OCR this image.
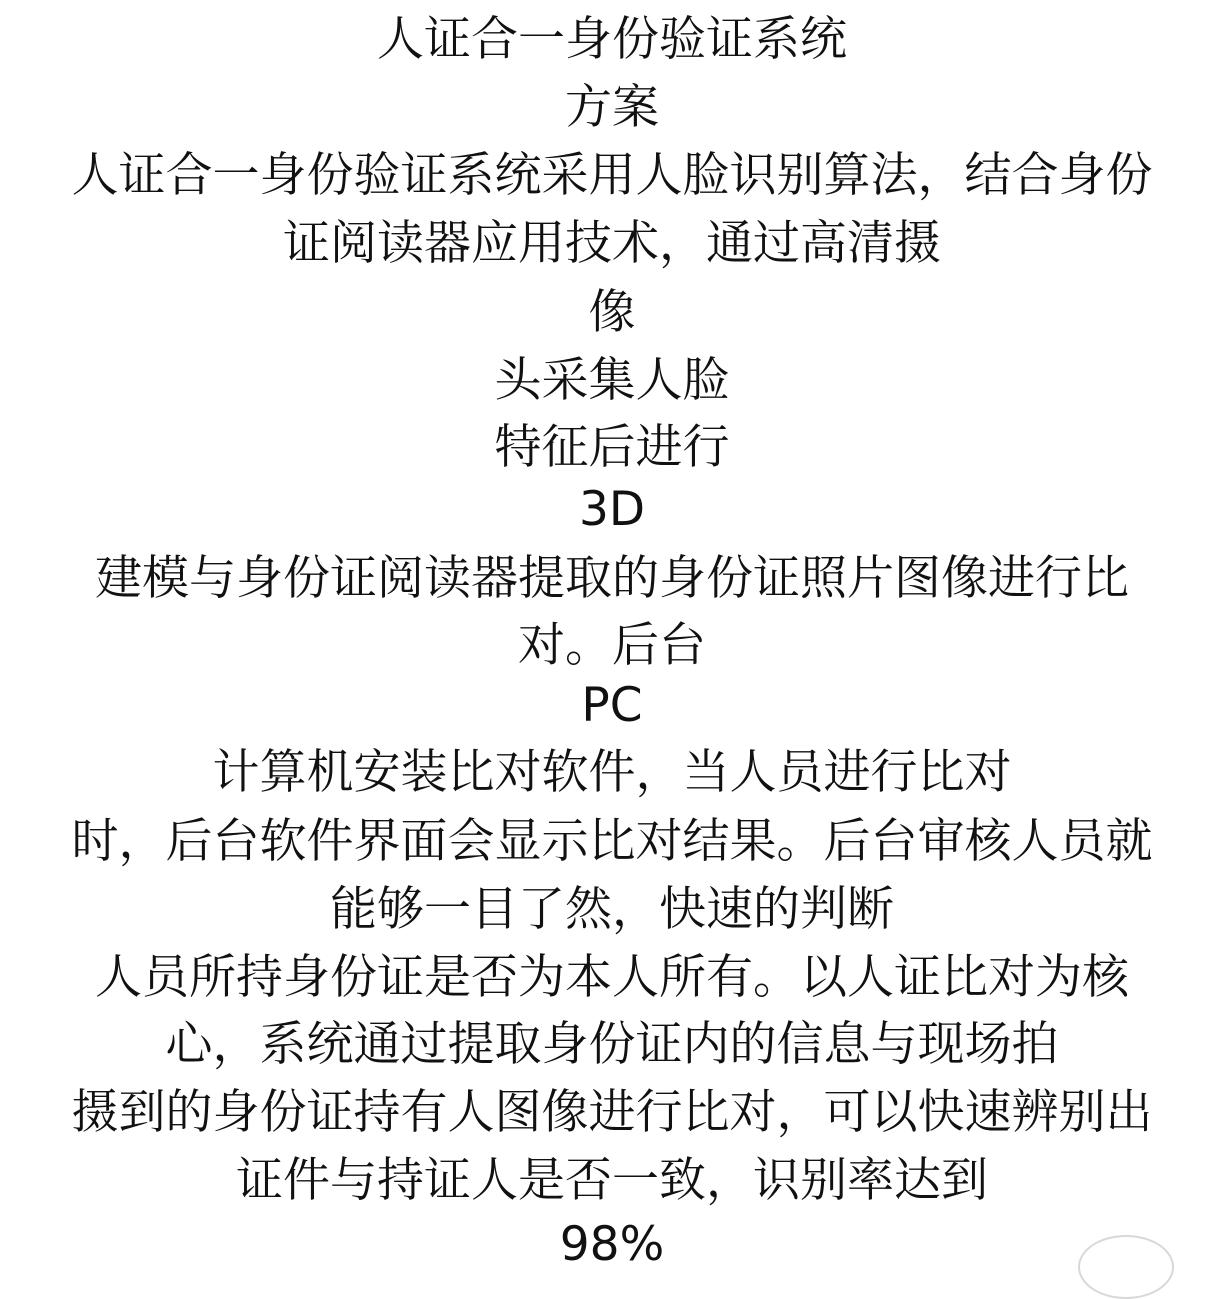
人证合一身份验证系统
方案
人证合一身份验证系统采用人脸识别算法，结合身份
证阅读器应用技术，通过高清摄
像
头采集人脸
特征后进行
3D
建模与身份证阅读器提取的身份证照片图像进行比
对。后台
PC
计算机安装比对软件，当人员进行比对
时，后台软件界面会显示比对结果。后台审核人员就
能够一目了然，快速的判断
人员所持身份证是否为本人所有。以人证比对为核
心，系统通过提取身份证内的信息与现场拍
摄到的身份证持有人图像进行比对，可以快速辨别出
证件与持证人是否一致，识别率达到
98%
